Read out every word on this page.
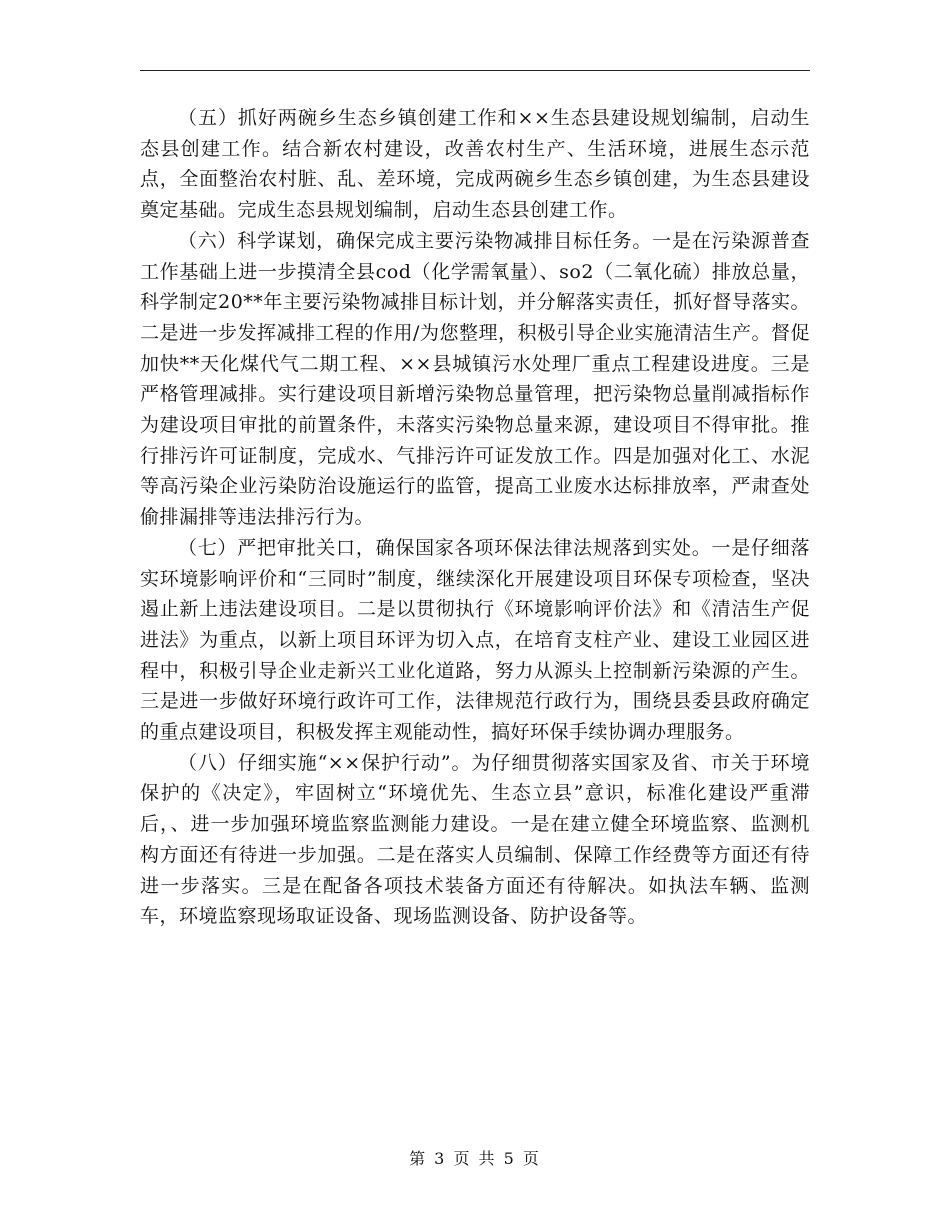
（五）抓好两碗乡生态乡镇创建工作和××生态县建设规划编制，启动生态县创建工作。结合新农村建设，改善农村生产、生活环境，进展生态示范点，全面整治农村脏、乱、差环境，完成两碗乡生态乡镇创建，为生态县建设奠定基础。完成生态县规划编制，启动生态县创建工作。

（六）科学谋划，确保完成主要污染物减排目标任务。一是在污染源普查工作基础上进一步摸清全县cod（化学需氧量）、so2（二氧化硫）排放总量，科学制定20**年主要污染物减排目标计划，并分解落实责任，抓好督导落实。二是进一步发挥减排工程的作用/为您整理，积极引导企业实施清洁生产。督促加快**天化煤代气二期工程、××县城镇污水处理厂重点工程建设进度。三是严格管理减排。实行建设项目新增污染物总量管理，把污染物总量削减指标作为建设项目审批的前置条件，未落实污染物总量来源，建设项目不得审批。推行排污许可证制度，完成水、气排污许可证发放工作。四是加强对化工、水泥等高污染企业污染防治设施运行的监管，提高工业废水达标排放率，严肃查处偷排漏排等违法排污行为。

（七）严把审批关口，确保国家各项环保法律法规落到实处。一是仔细落实环境影响评价和“三同时”制度，继续深化开展建设项目环保专项检查，坚决遏止新上违法建设项目。二是以贯彻执行《环境影响评价法》和《清洁生产促进法》为重点，以新上项目环评为切入点，在培育支柱产业、建设工业园区进程中，积极引导企业走新兴工业化道路，努力从源头上控制新污染源的产生。三是进一步做好环境行政许可工作，法律规范行政行为，围绕县委县政府确定的重点建设项目，积极发挥主观能动性，搞好环保手续协调办理服务。

（八）仔细实施“××保护行动”。为仔细贯彻落实国家及省、市关于环境保护的《决定》，牢固树立“环境优先、生态立县”意识，标准化建设严重滞后，、进一步加强环境监察监测能力建设。一是在建立健全环境监察、监测机构方面还有待进一步加强。二是在落实人员编制、保障工作经费等方面还有待进一步落实。三是在配备各项技术装备方面还有待解决。如执法车辆、监测车，环境监察现场取证设备、现场监测设备、防护设备等。

第 3 页 共 5 页
